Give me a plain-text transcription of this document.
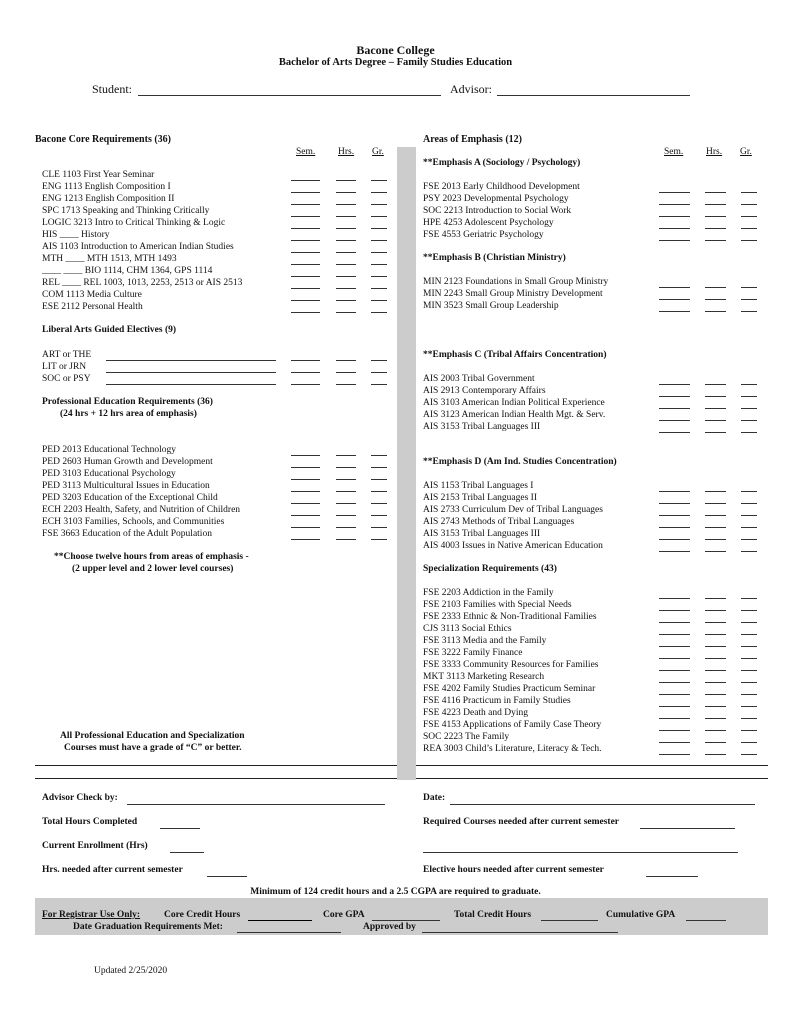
Bacone College
Bachelor of Arts Degree – Family Studies Education
Student:	Advisor:
Bacone Core Requirements (36)
Sem. Hrs. Gr.
CLE 1103 First Year Seminar
ENG 1113 English Composition I
ENG 1213 English Composition II
SPC 1713 Speaking and Thinking Critically
LOGIC 3213 Intro to Critical Thinking & Logic
HIS ____ History
AIS 1103 Introduction to American Indian Studies
MTH ____ MTH 1513, MTH 1493
____ ____ BIO 1114, CHM 1364, GPS 1114
REL ____ REL 1003, 1013, 2253, 2513 or AIS 2513
COM 1113 Media Culture
ESE 2112 Personal Health
Liberal Arts Guided Electives (9)
ART or THE
LIT or JRN
SOC or PSY
Professional Education Requirements (36)
(24 hrs + 12 hrs area of emphasis)
PED 2013 Educational Technology
PED 2603 Human Growth and Development
PED 3103 Educational Psychology
PED 3113 Multicultural Issues in Education
PED 3203 Education of the Exceptional Child
ECH 2203 Health, Safety, and Nutrition of Children
ECH 3103 Families, Schools, and Communities
FSE 3663 Education of the Adult Population
**Choose twelve hours from areas of emphasis -
(2 upper level and 2 lower level courses)
All Professional Education and Specialization
Courses must have a grade of “C” or better.
Areas of Emphasis (12)
Sem. Hrs. Gr.
**Emphasis A (Sociology / Psychology)
**Emphasis B (Christian Ministry)
**Emphasis C (Tribal Affairs Concentration)
**Emphasis D (Am Ind. Studies Concentration)
Specialization Requirements (43)
FSE 2013 Early Childhood Development
PSY 2023 Developmental Psychology
SOC 2213 Introduction to Social Work
HPE 4253 Adolescent Psychology
FSE 4553 Geriatric Psychology
MIN 2123 Foundations in Small Group Ministry
MIN 2243 Small Group Ministry Development
MIN 3523 Small Group Leadership
AIS 2003 Tribal Government
AIS 2913 Contemporary Affairs
AIS 3103 American Indian Political Experience
AIS 3123 American Indian Health Mgt. & Serv.
AIS 3153 Tribal Languages III
AIS 1153 Tribal Languages I
AIS 2153 Tribal Languages II
AIS 2733 Curriculum Dev of Tribal Languages
AIS 2743 Methods of Tribal Languages
AIS 3153 Tribal Languages III
AIS 4003 Issues in Native American Education
FSE 2203 Addiction in the Family
FSE 2103 Families with Special Needs
FSE 2333 Ethnic & Non-Traditional Families
CJS 3113 Social Ethics
FSE 3113 Media and the Family
FSE 3222 Family Finance
FSE 3333 Community Resources for Families
MKT 3113 Marketing Research
FSE 4202 Family Studies Practicum Seminar
FSE 4116 Practicum in Family Studies
FSE 4223 Death and Dying
FSE 4153 Applications of Family Case Theory
SOC 2223 The Family
REA 3003 Child’s Literature, Literacy & Tech.
Advisor Check by:	Date:
Total Hours Completed	Required Courses needed after current semester
Current Enrollment (Hrs)
Hrs. needed after current semester	Elective hours needed after current semester
Minimum of 124 credit hours and a 2.5 CGPA are required to graduate.
For Registrar Use Only:	Core Credit Hours	Core GPA	Total Credit Hours	Cumulative GPA
Date Graduation Requirements Met:	Approved by
Updated 2/25/2020
